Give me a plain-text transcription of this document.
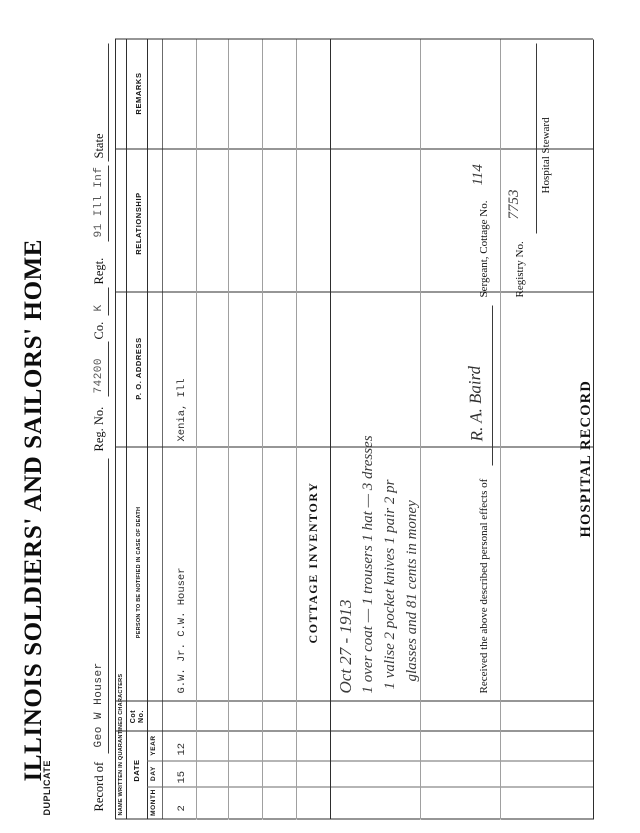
DUPLICATE
ILLINOIS SOLDIERS' AND SAILORS' HOME
Record of
Geo W Houser
Reg. No.
74200
Co.
K
Regt.
91 Ill Inf
State
NAME WRITTEN IN QUARANTINED CHARACTERS DATE
Cot No.
PERSON TO BE NOTIFIED IN CASE OF DEATH
P. O. ADDRESS
RELATIONSHIP
REMARKS
MONTH
DAY
YEAR
2
15
12
G.W. Jr. C.W. Houser
Xenia, Ill
COTTAGE INVENTORY
Oct 27 - 1913 1 over coat — 1 trousers 1 hat — 3 dresses 1 valise 2 pocket knives 1 pair 2 pr glasses and 81 cents in money	Received the above described personal effects of
R. A. Baird
Sergeant, Cottage No.
114
Registry No.
7753
Hospital Steward
HOSPITAL RECORD
